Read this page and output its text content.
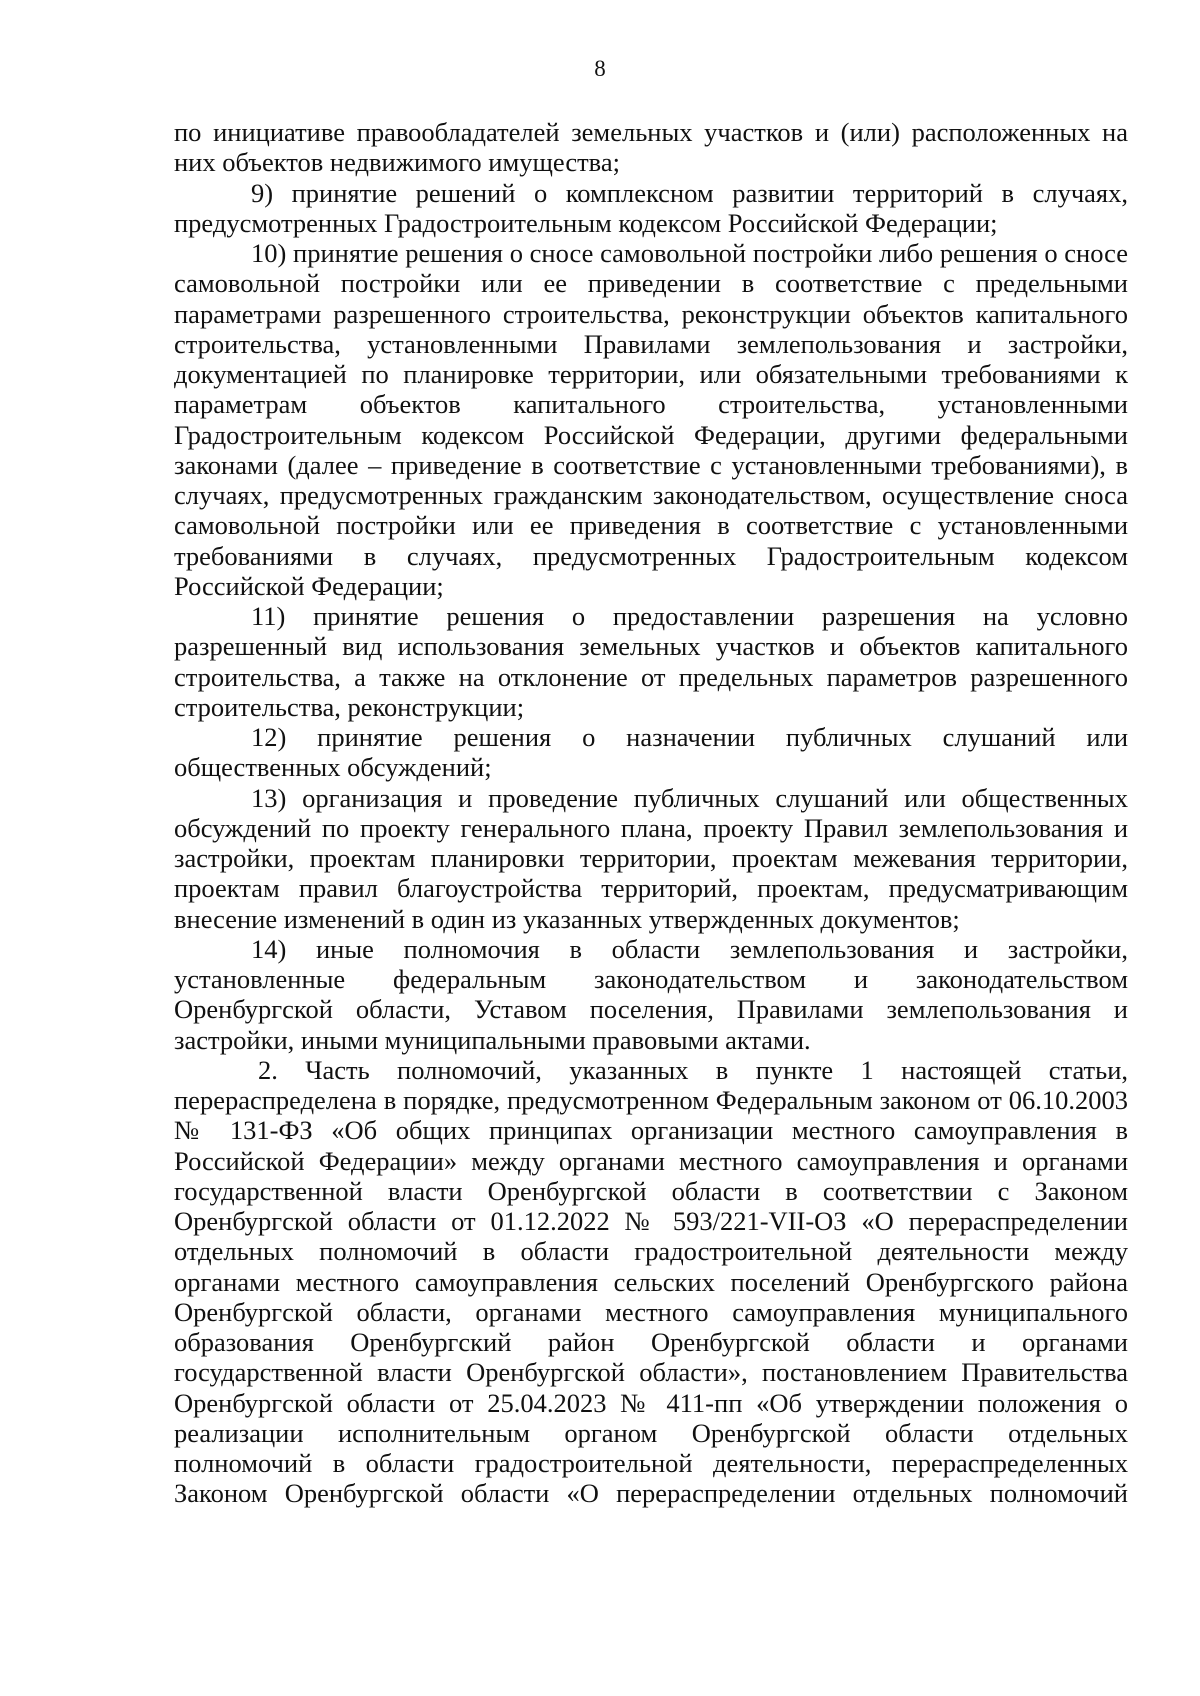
8

по инициативе правообладателей земельных участков и (или) расположенных на них объектов недвижимого имущества;

9) принятие решений о комплексном развитии территорий в случаях, предусмотренных Градостроительным кодексом Российской Федерации;

10) принятие решения о сносе самовольной постройки либо решения о сносе самовольной постройки или ее приведении в соответствие с предельными параметрами разрешенного строительства, реконструкции объектов капитального строительства, установленными Правилами землепользования и застройки, документацией по планировке территории, или обязательными требованиями к параметрам объектов капитального строительства, установленными Градостроительным кодексом Российской Федерации, другими федеральными законами (далее – приведение в соответствие с установленными требованиями), в случаях, предусмотренных гражданским законодательством, осуществление сноса самовольной постройки или ее приведения в соответствие с установленными требованиями в случаях, предусмотренных Градостроительным кодексом Российской Федерации;

11) принятие решения о предоставлении разрешения на условно разрешенный вид использования земельных участков и объектов капитального строительства, а также на отклонение от предельных параметров разрешенного строительства, реконструкции;

12) принятие решения о назначении публичных слушаний или общественных обсуждений;

13) организация и проведение публичных слушаний или общественных обсуждений по проекту генерального плана, проекту Правил землепользования и застройки, проектам планировки территории, проектам межевания территории, проектам правил благоустройства территорий, проектам, предусматривающим внесение изменений в один из указанных утвержденных документов;

14) иные полномочия в области землепользования и застройки, установленные федеральным законодательством и законодательством Оренбургской области, Уставом поселения, Правилами землепользования и застройки, иными муниципальными правовыми актами.

2. Часть полномочий, указанных в пункте 1 настоящей статьи, перераспределена в порядке, предусмотренном Федеральным законом от 06.10.2003 № 131-ФЗ «Об общих принципах организации местного самоуправления в Российской Федерации» между органами местного самоуправления и органами государственной власти Оренбургской области в соответствии с Законом Оренбургской области от 01.12.2022 № 593/221-VII-ОЗ «О перераспределении отдельных полномочий в области градостроительной деятельности между органами местного самоуправления сельских поселений Оренбургского района Оренбургской области, органами местного самоуправления муниципального образования Оренбургский район Оренбургской области и органами государственной власти Оренбургской области», постановлением Правительства Оренбургской области от 25.04.2023 № 411-пп «Об утверждении положения о реализации исполнительным органом Оренбургской области отдельных полномочий в области градостроительной деятельности, перераспределенных Законом Оренбургской области «О перераспределении отдельных полномочий
